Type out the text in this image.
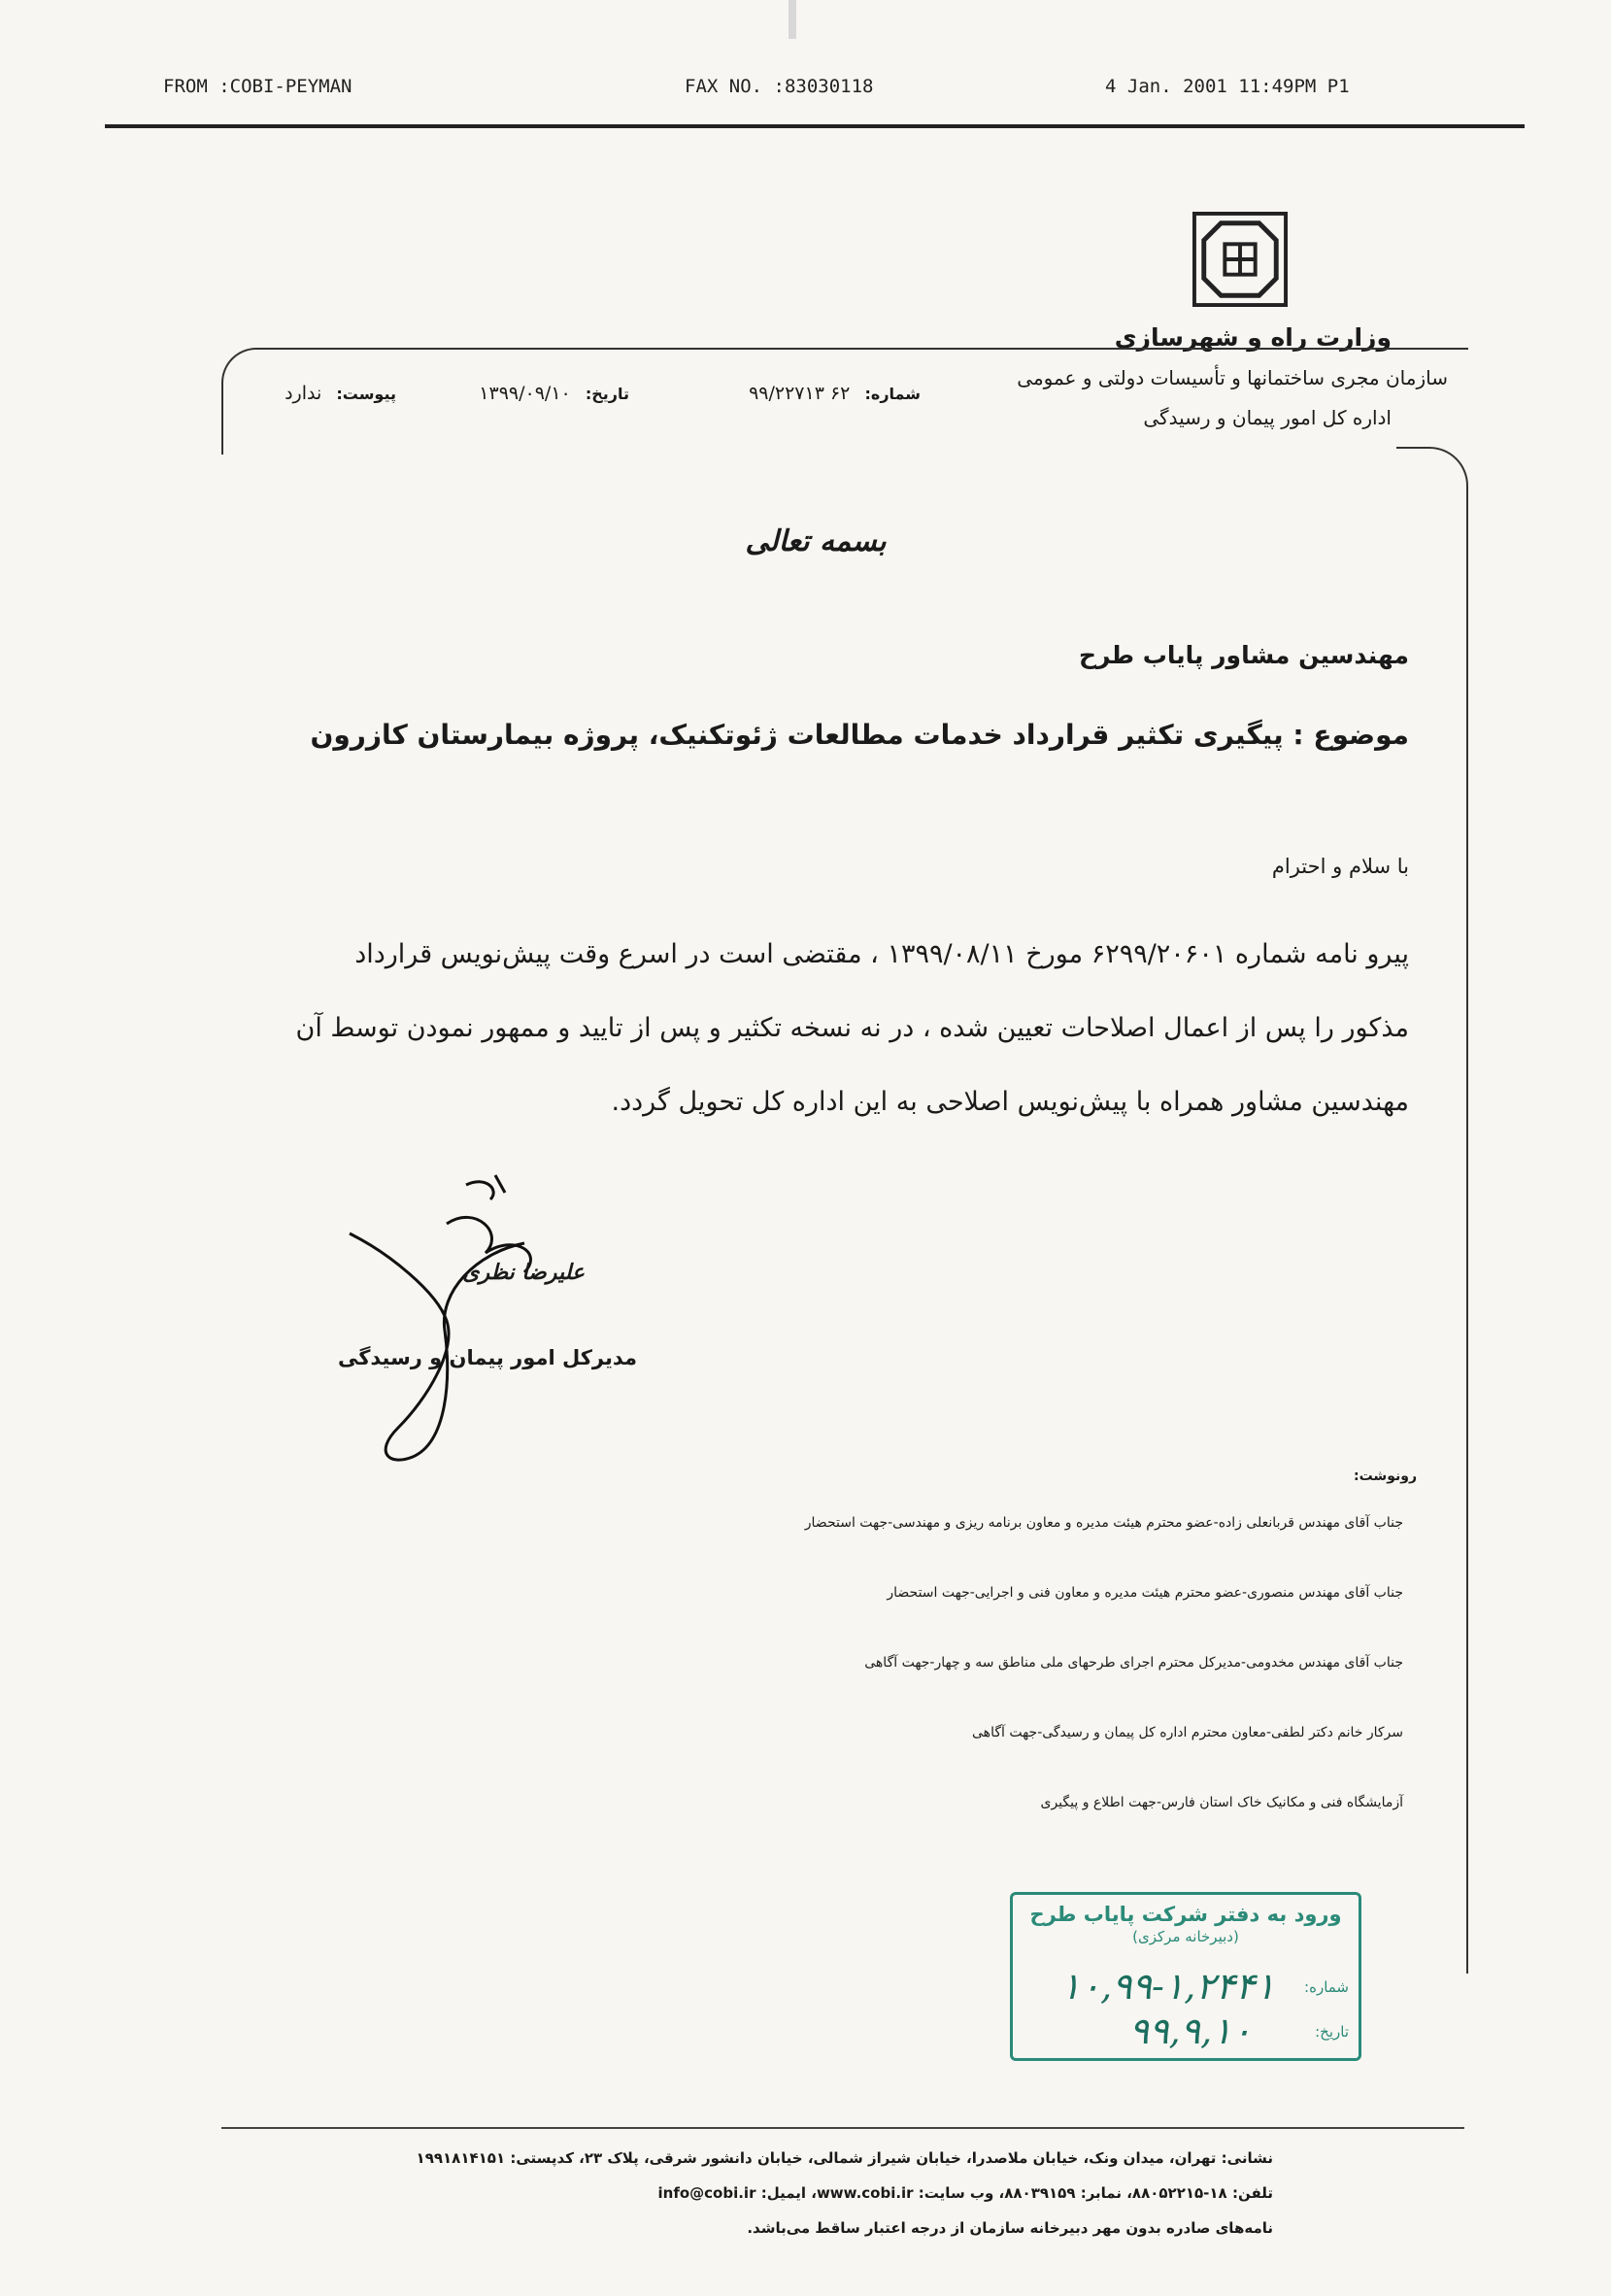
FROM :COBI-PEYMAN	FAX NO. :83030118	4 Jan. 2001 11:49PM P1
وزارت راه و شهرسازی
سازمان مجری ساختمانها و تأسیسات دولتی و عمومی
اداره کل امور پیمان و رسیدگی
شماره: ۶۲ ۹۹/۲۲۷۱۳
تاریخ: ۱۳۹۹/۰۹/۱۰
پیوست: ندارد
بسمه تعالی
مهندسین مشاور پایاب طرح
موضوع : پیگیری تکثیر قرارداد خدمات مطالعات ژئوتکنیک، پروژه بیمارستان کازرون
با سلام و احترام
پیرو نامه شماره ۶۲۹۹/۲۰۶۰۱ مورخ ۱۳۹۹/۰۸/۱۱ ، مقتضی است در اسرع وقت پیش‌نویس قرارداد
مذکور را پس از اعمال اصلاحات تعیین شده ، در نه نسخه تکثیر و پس از تایید و ممهور نمودن توسط آن
مهندسین مشاور همراه با پیش‌نویس اصلاحی به این اداره کل تحویل گردد.
علیرضا نظری
مدیرکل امور پیمان و رسیدگی
رونوشت:
جناب آقای مهندس قربانعلی زاده-عضو محترم هیئت مدیره و معاون برنامه ریزی و مهندسی-جهت استحضار
جناب آقای مهندس منصوری-عضو محترم هیئت مدیره و معاون فنی و اجرایی-جهت استحضار
جناب آقای مهندس مخدومی-مدیرکل محترم اجرای طرحهای ملی مناطق سه و چهار-جهت آگاهی
سرکار خانم دکتر لطفی-معاون محترم اداره کل پیمان و رسیدگی-جهت آگاهی
آزمایشگاه فنی و مکانیک خاک استان فارس-جهت اطلاع و پیگیری
ورود به دفتر شرکت پایاب طرح
(دبیرخانه مرکزی)
شماره:
۱۰,۹۹-۱,۲۴۴۱
تاریخ:
۹۹,۹,۱۰
نشانی: تهران، میدان ونک، خیابان ملاصدرا، خیابان شیراز شمالی، خیابان دانشور شرقی، پلاک ۲۳، کدپستی: ۱۹۹۱۸۱۴۱۵۱
تلفن: ۱۸-۸۸۰۵۲۲۱۵، نمابر: ۸۸۰۳۹۱۵۹، وب سایت: www.cobi.ir، ایمیل: info@cobi.ir
نامه‌های صادره بدون مهر دبیرخانه سازمان از درجه اعتبار ساقط می‌باشد.
